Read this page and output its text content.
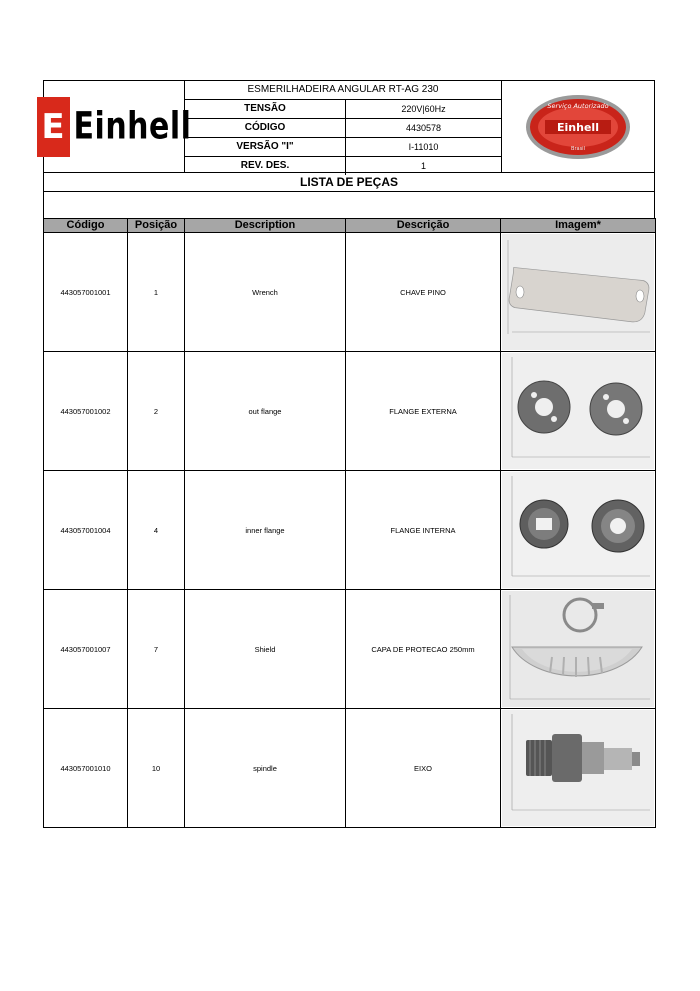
E Einhell
ESMERILHADEIRA ANGULAR RT-AG 230
TENSÃO	220V|60Hz
CÓDIGO	4430578
VERSÃO "I"	I-11010
REV. DES.	1
Einhell
Serviço Autorizado
Brasil
LISTA DE PEÇAS
Código	Posição	Description	Descrição	Imagem*
443057001001	1	Wrench	CHAVE PINO	

443057001002	2	out flange	FLANGE EXTERNA	

443057001004	4	inner flange	FLANGE INTERNA	

443057001007	7	Shield	CAPA DE PROTECAO 250mm	

443057001010	10	spindle	EIXO	
